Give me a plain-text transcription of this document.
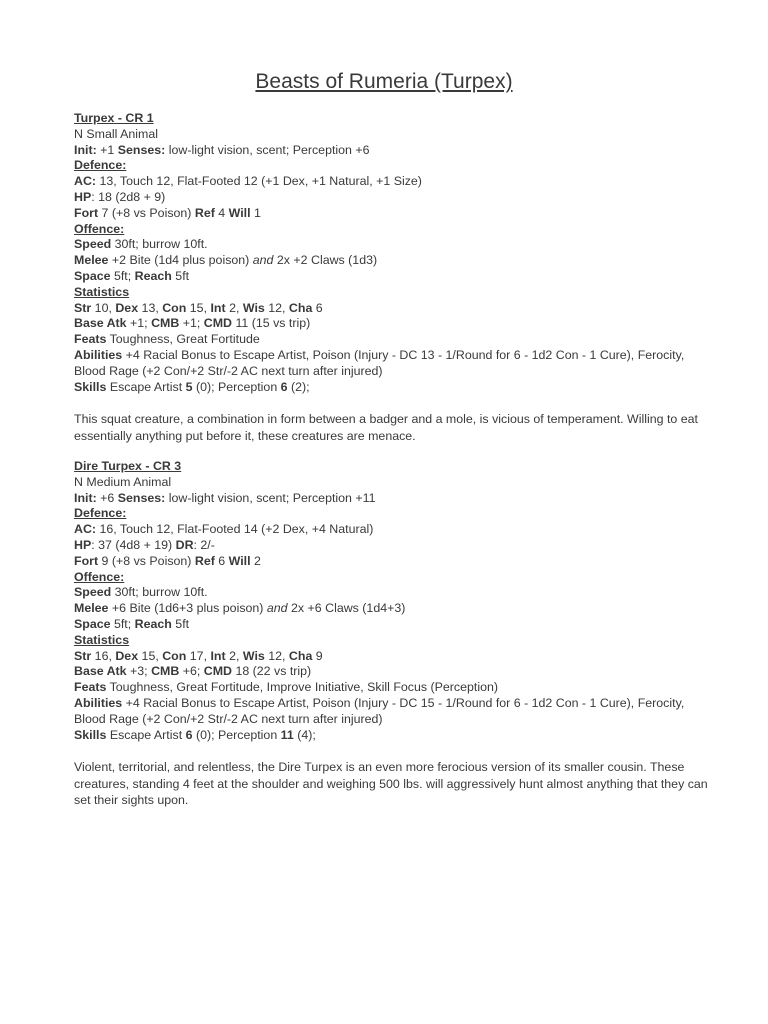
Beasts of Rumeria (Turpex)
Turpex - CR 1
N Small Animal
Init: +1 Senses: low-light vision, scent; Perception +6
Defence:
AC: 13, Touch 12, Flat-Footed 12 (+1 Dex, +1 Natural, +1 Size)
HP: 18 (2d8 + 9)
Fort 7 (+8 vs Poison) Ref 4 Will 1
Offence:
Speed 30ft; burrow 10ft.
Melee +2 Bite (1d4 plus poison) and 2x +2 Claws (1d3)
Space 5ft; Reach 5ft
Statistics
Str 10, Dex 13, Con 15, Int 2, Wis 12, Cha 6
Base Atk +1; CMB +1; CMD 11 (15 vs trip)
Feats Toughness, Great Fortitude
Abilities +4 Racial Bonus to Escape Artist, Poison (Injury - DC 13 - 1/Round for 6 - 1d2 Con - 1 Cure), Ferocity, Blood Rage (+2 Con/+2 Str/-2 AC next turn after injured)
Skills Escape Artist 5 (0); Perception 6 (2);
This squat creature, a combination in form between a badger and a mole, is vicious of temperament. Willing to eat essentially anything put before it, these creatures are menace.
Dire Turpex - CR 3
N Medium Animal
Init: +6 Senses: low-light vision, scent; Perception +11
Defence:
AC: 16, Touch 12, Flat-Footed 14 (+2 Dex, +4 Natural)
HP: 37 (4d8 + 19) DR: 2/-
Fort 9 (+8 vs Poison) Ref 6 Will 2
Offence:
Speed 30ft; burrow 10ft.
Melee +6 Bite (1d6+3 plus poison) and 2x +6 Claws (1d4+3)
Space 5ft; Reach 5ft
Statistics
Str 16, Dex 15, Con 17, Int 2, Wis 12, Cha 9
Base Atk +3; CMB +6; CMD 18 (22 vs trip)
Feats Toughness, Great Fortitude, Improve Initiative, Skill Focus (Perception)
Abilities +4 Racial Bonus to Escape Artist, Poison (Injury - DC 15 - 1/Round for 6 - 1d2 Con - 1 Cure), Ferocity, Blood Rage (+2 Con/+2 Str/-2 AC next turn after injured)
Skills Escape Artist 6 (0); Perception 11 (4);
Violent, territorial, and relentless, the Dire Turpex is an even more ferocious version of its smaller cousin. These creatures, standing 4 feet at the shoulder and weighing 500 lbs. will aggressively hunt almost anything that they can set their sights upon.
